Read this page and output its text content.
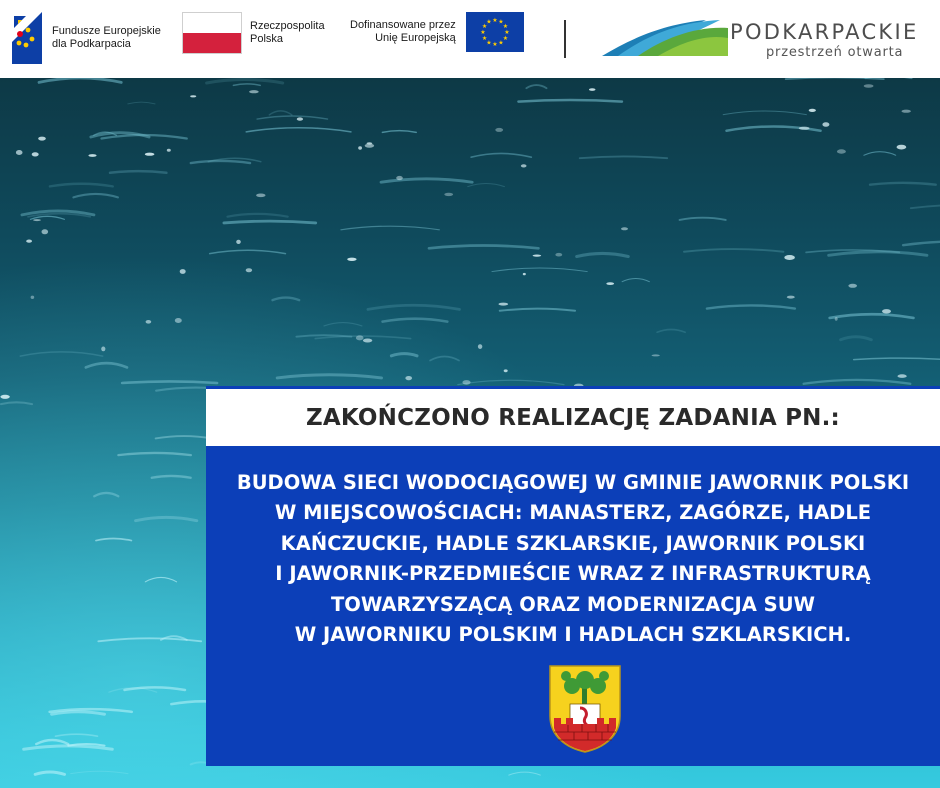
Fundusze Europejskie
dla Podkarpacia
Rzeczpospolita
Polska
Dofinansowane przez
Unię Europejską	★
★
★
★
★
★
★
★
★ ★ ★
★	PODKARPACKIE
przestrzeń otwarta
ZAKOŃCZONO REALIZACJĘ ZADANIA PN.:
BUDOWA SIECI WODOCIĄGOWEJ W GMINIE JAWORNIK POLSKI
W MIEJSCOWOŚCIACH: MANASTERZ, ZAGÓRZE, HADLE
KAŃCZUCKIE, HADLE SZKLARSKIE, JAWORNIK POLSKI
I JAWORNIK-PRZEDMIEŚCIE WRAZ Z INFRASTRUKTURĄ
TOWARZYSZĄCĄ ORAZ MODERNIZACJA SUW
W JAWORNIKU POLSKIM I HADLACH SZKLARSKICH.
